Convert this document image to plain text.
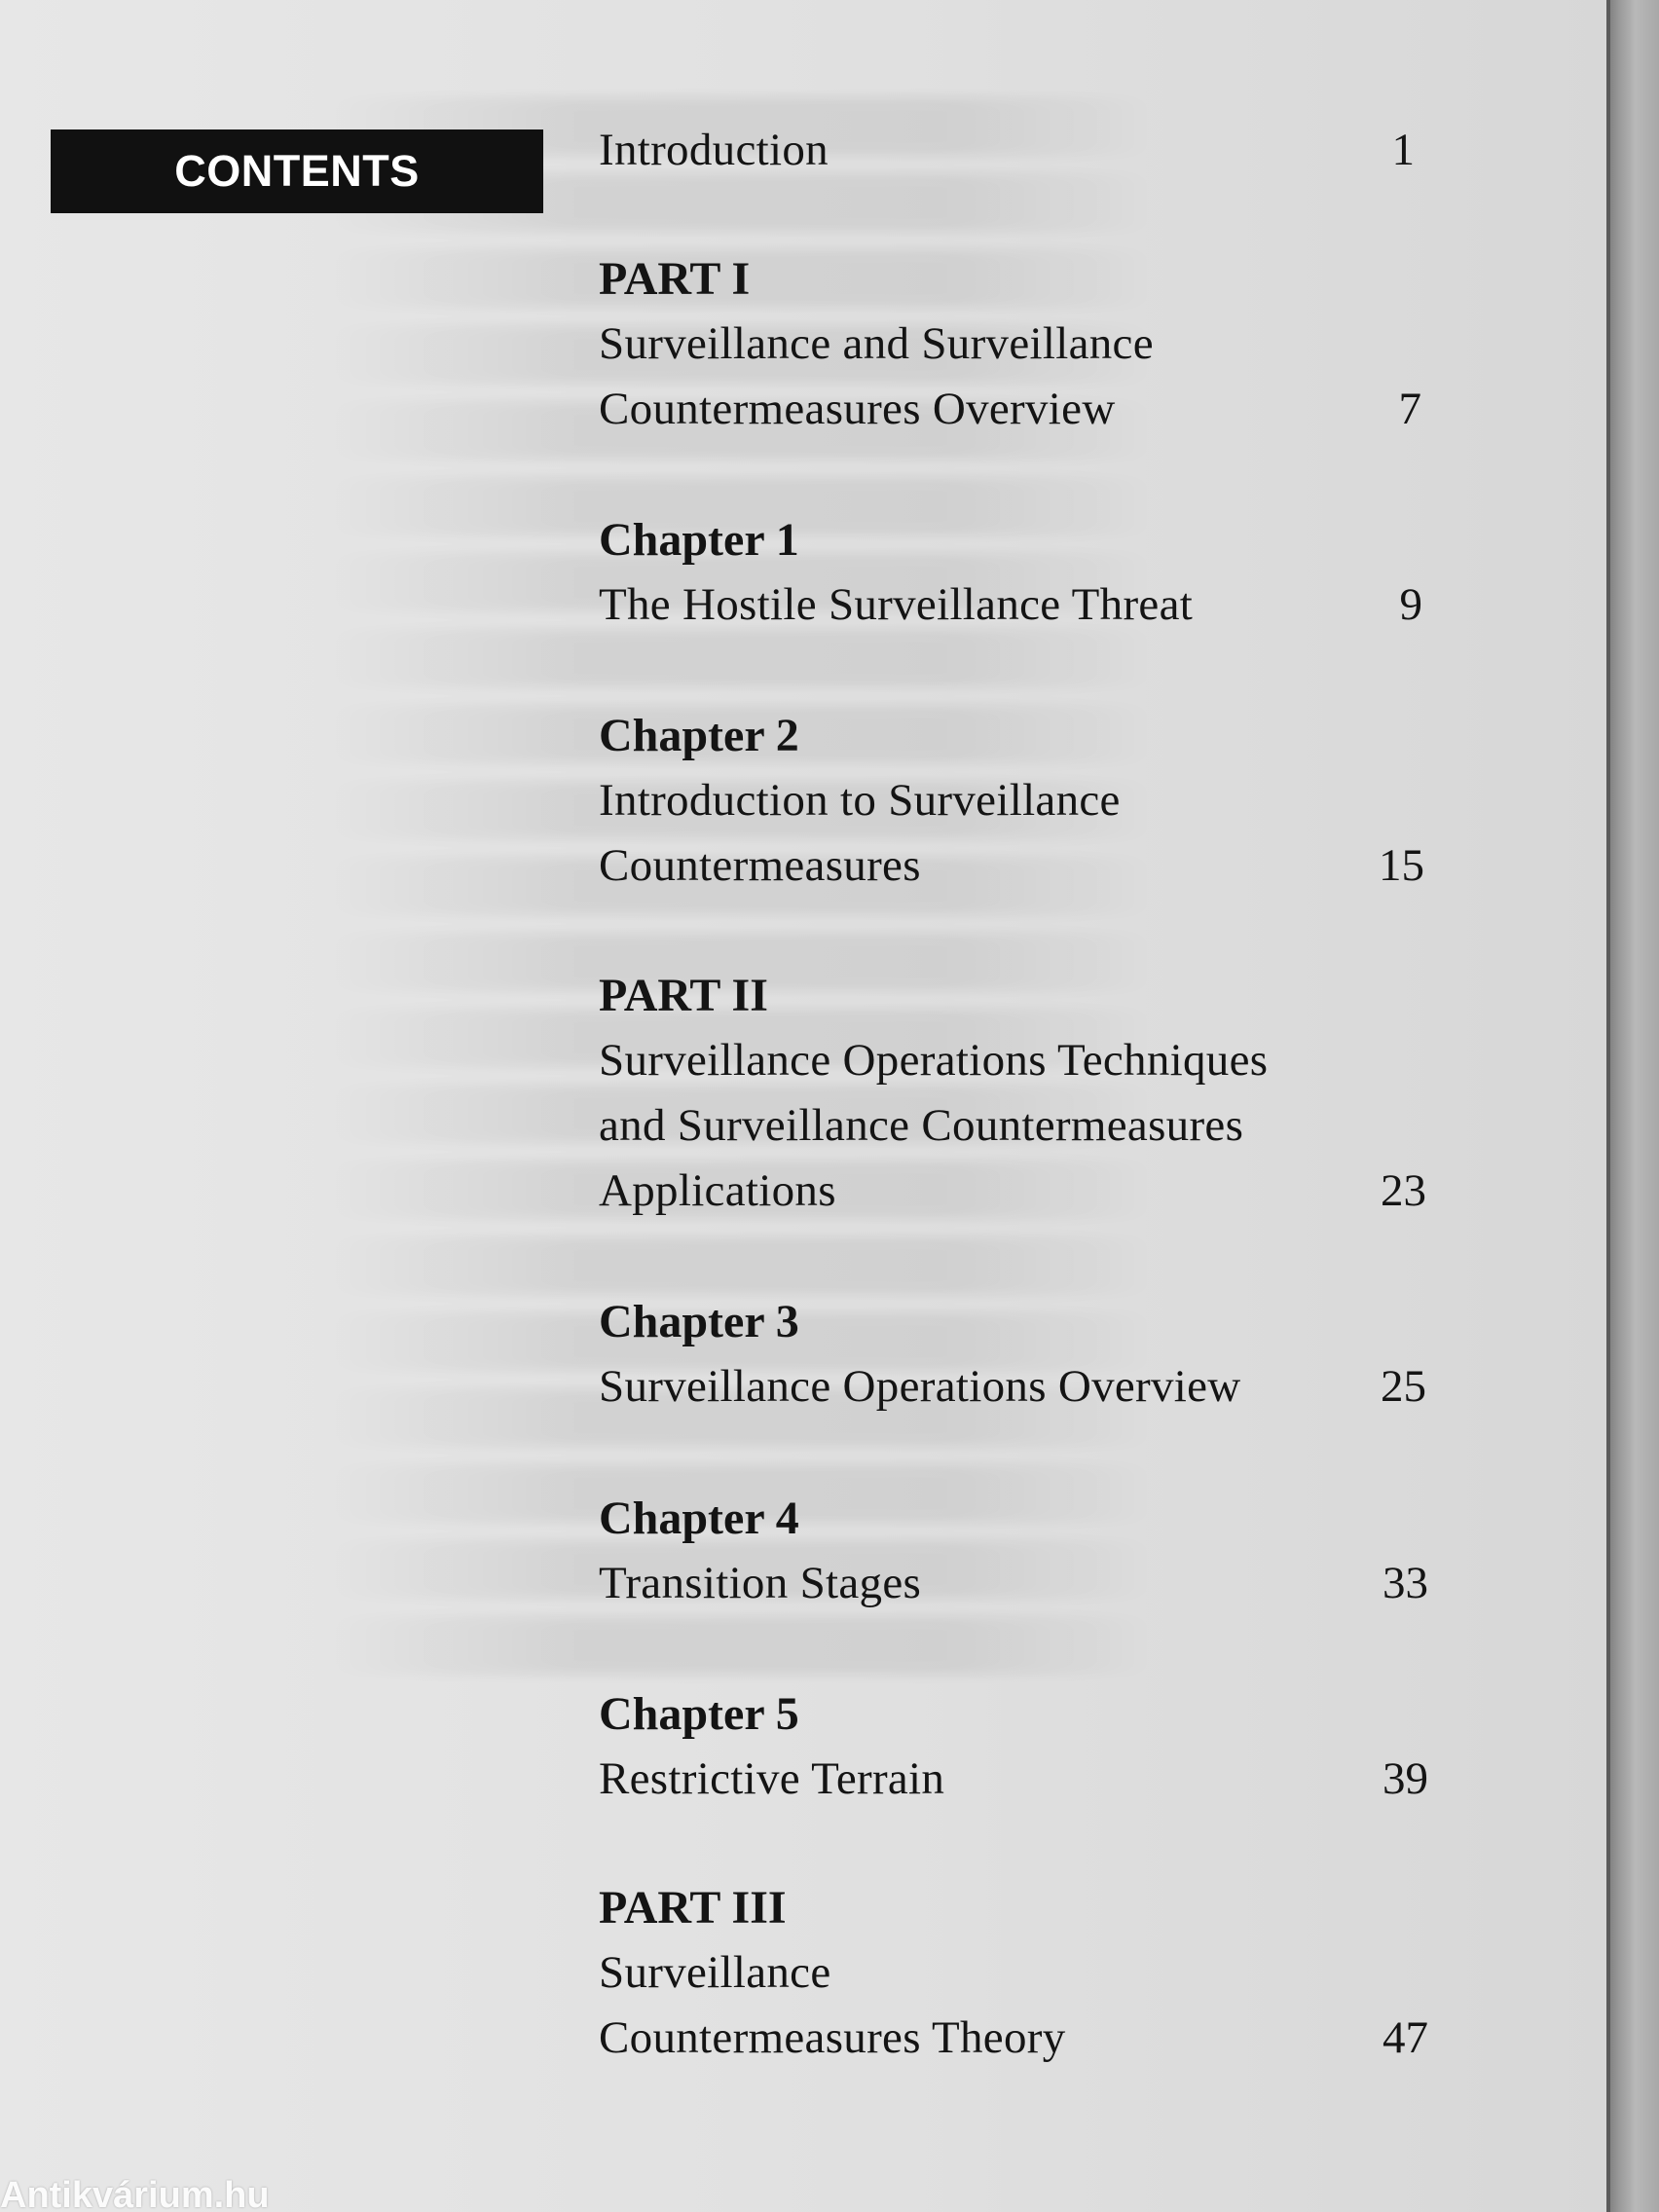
CONTENTS	Introduction	1
PART I
Surveillance and Surveillance
Countermeasures Overview	7
Chapter 1
The Hostile Surveillance Threat	9
Chapter 2
Introduction to Surveillance
Countermeasures	15
PART II
Surveillance Operations Techniques
and Surveillance Countermeasures
Applications	23
Chapter 3
Surveillance Operations Overview	25
Chapter 4
Transition Stages	33
Chapter 5
Restrictive Terrain	39
PART III
Surveillance
Countermeasures Theory	47
Antikvárium.hu
